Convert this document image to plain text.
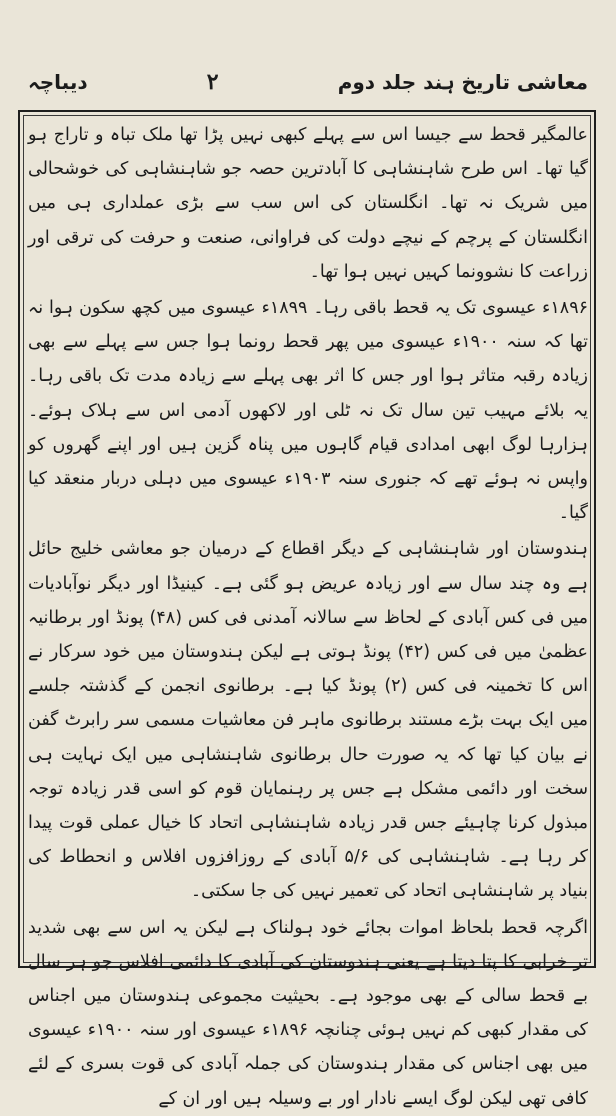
معاشی تاریخ ہند جلد دوم
۲
دیباچہ

عالمگیر قحط سے جیسا اس سے پہلے کبھی نہیں پڑا تھا ملک تباہ و تاراج ہو گیا تھا۔ اس طرح شاہنشاہی کا آبادترین حصہ جو شاہنشاہی کی خوشحالی میں شریک نہ تھا۔ انگلستان کی اس سب سے بڑی عملداری ہی میں انگلستان کے پرچم کے نیچے دولت کی فراوانی، صنعت و حرفت کی ترقی اور زراعت کا نشوونما کہیں نہیں ہوا تھا۔

۱۸۹۶ء عیسوی تک یہ قحط باقی رہا۔ ۱۸۹۹ء عیسوی میں کچھ سکون ہوا نہ تھا کہ سنہ ۱۹۰۰ء عیسوی میں پھر قحط رونما ہوا جس سے پہلے سے بھی زیادہ رقبہ متاثر ہوا اور جس کا اثر بھی پہلے سے زیادہ مدت تک باقی رہا۔ یہ بلائے مہیب تین سال تک نہ ٹلی اور لاکھوں آدمی اس سے ہلاک ہوئے۔ ہزارہا لوگ ابھی امدادی قیام گاہوں میں پناہ گزین ہیں اور اپنے گھروں کو واپس نہ ہوئے تھے کہ جنوری سنہ ۱۹۰۳ء عیسوی میں دہلی دربار منعقد کیا گیا۔

ہندوستان اور شاہنشاہی کے دیگر اقطاع کے درمیان جو معاشی خلیج حائل ہے وہ چند سال سے اور زیادہ عریض ہو گئی ہے۔ کینیڈا اور دیگر نوآبادیات میں فی کس آبادی کے لحاظ سے سالانہ آمدنی فی کس (۴۸) پونڈ اور برطانیہ عظمیٰ میں فی کس (۴۲) پونڈ ہوتی ہے لیکن ہندوستان میں خود سرکار نے اس کا تخمینہ فی کس (۲) پونڈ کیا ہے۔ برطانوی انجمن کے گذشتہ جلسے میں ایک بہت بڑے مستند برطانوی ماہر فن معاشیات مسمی سر رابرٹ گفن نے بیان کیا تھا کہ یہ صورت حال برطانوی شاہنشاہی میں ایک نہایت ہی سخت اور دائمی مشکل ہے جس پر رہنمایان قوم کو اسی قدر زیادہ توجہ مبذول کرنا چاہیئے جس قدر زیادہ شاہنشاہی اتحاد کا خیال عملی قوت پیدا کر رہا ہے۔ شاہنشاہی کی ۵/۶ آبادی کے روزافزوں افلاس و انحطاط کی بنیاد پر شاہنشاہی اتحاد کی تعمیر نہیں کی جا سکتی۔

اگرچہ قحط بلحاظ اموات بجائے خود ہولناک ہے لیکن یہ اس سے بھی شدید تر خرابی کا پتا دیتا ہے یعنی ہندوستان کی آبادی کا دائمی افلاس جو ہر سال بے قحط سالی کے بھی موجود ہے۔ بحیثیت مجموعی ہندوستان میں اجناس کی مقدار کبھی کم نہیں ہوئی چنانچہ ۱۸۹۶ء عیسوی اور سنہ ۱۹۰۰ء عیسوی میں بھی اجناس کی مقدار ہندوستان کی جملہ آبادی کی قوت بسری کے لئے کافی تھی لیکن لوگ ایسے نادار اور بے وسیلہ ہیں اور ان کے
